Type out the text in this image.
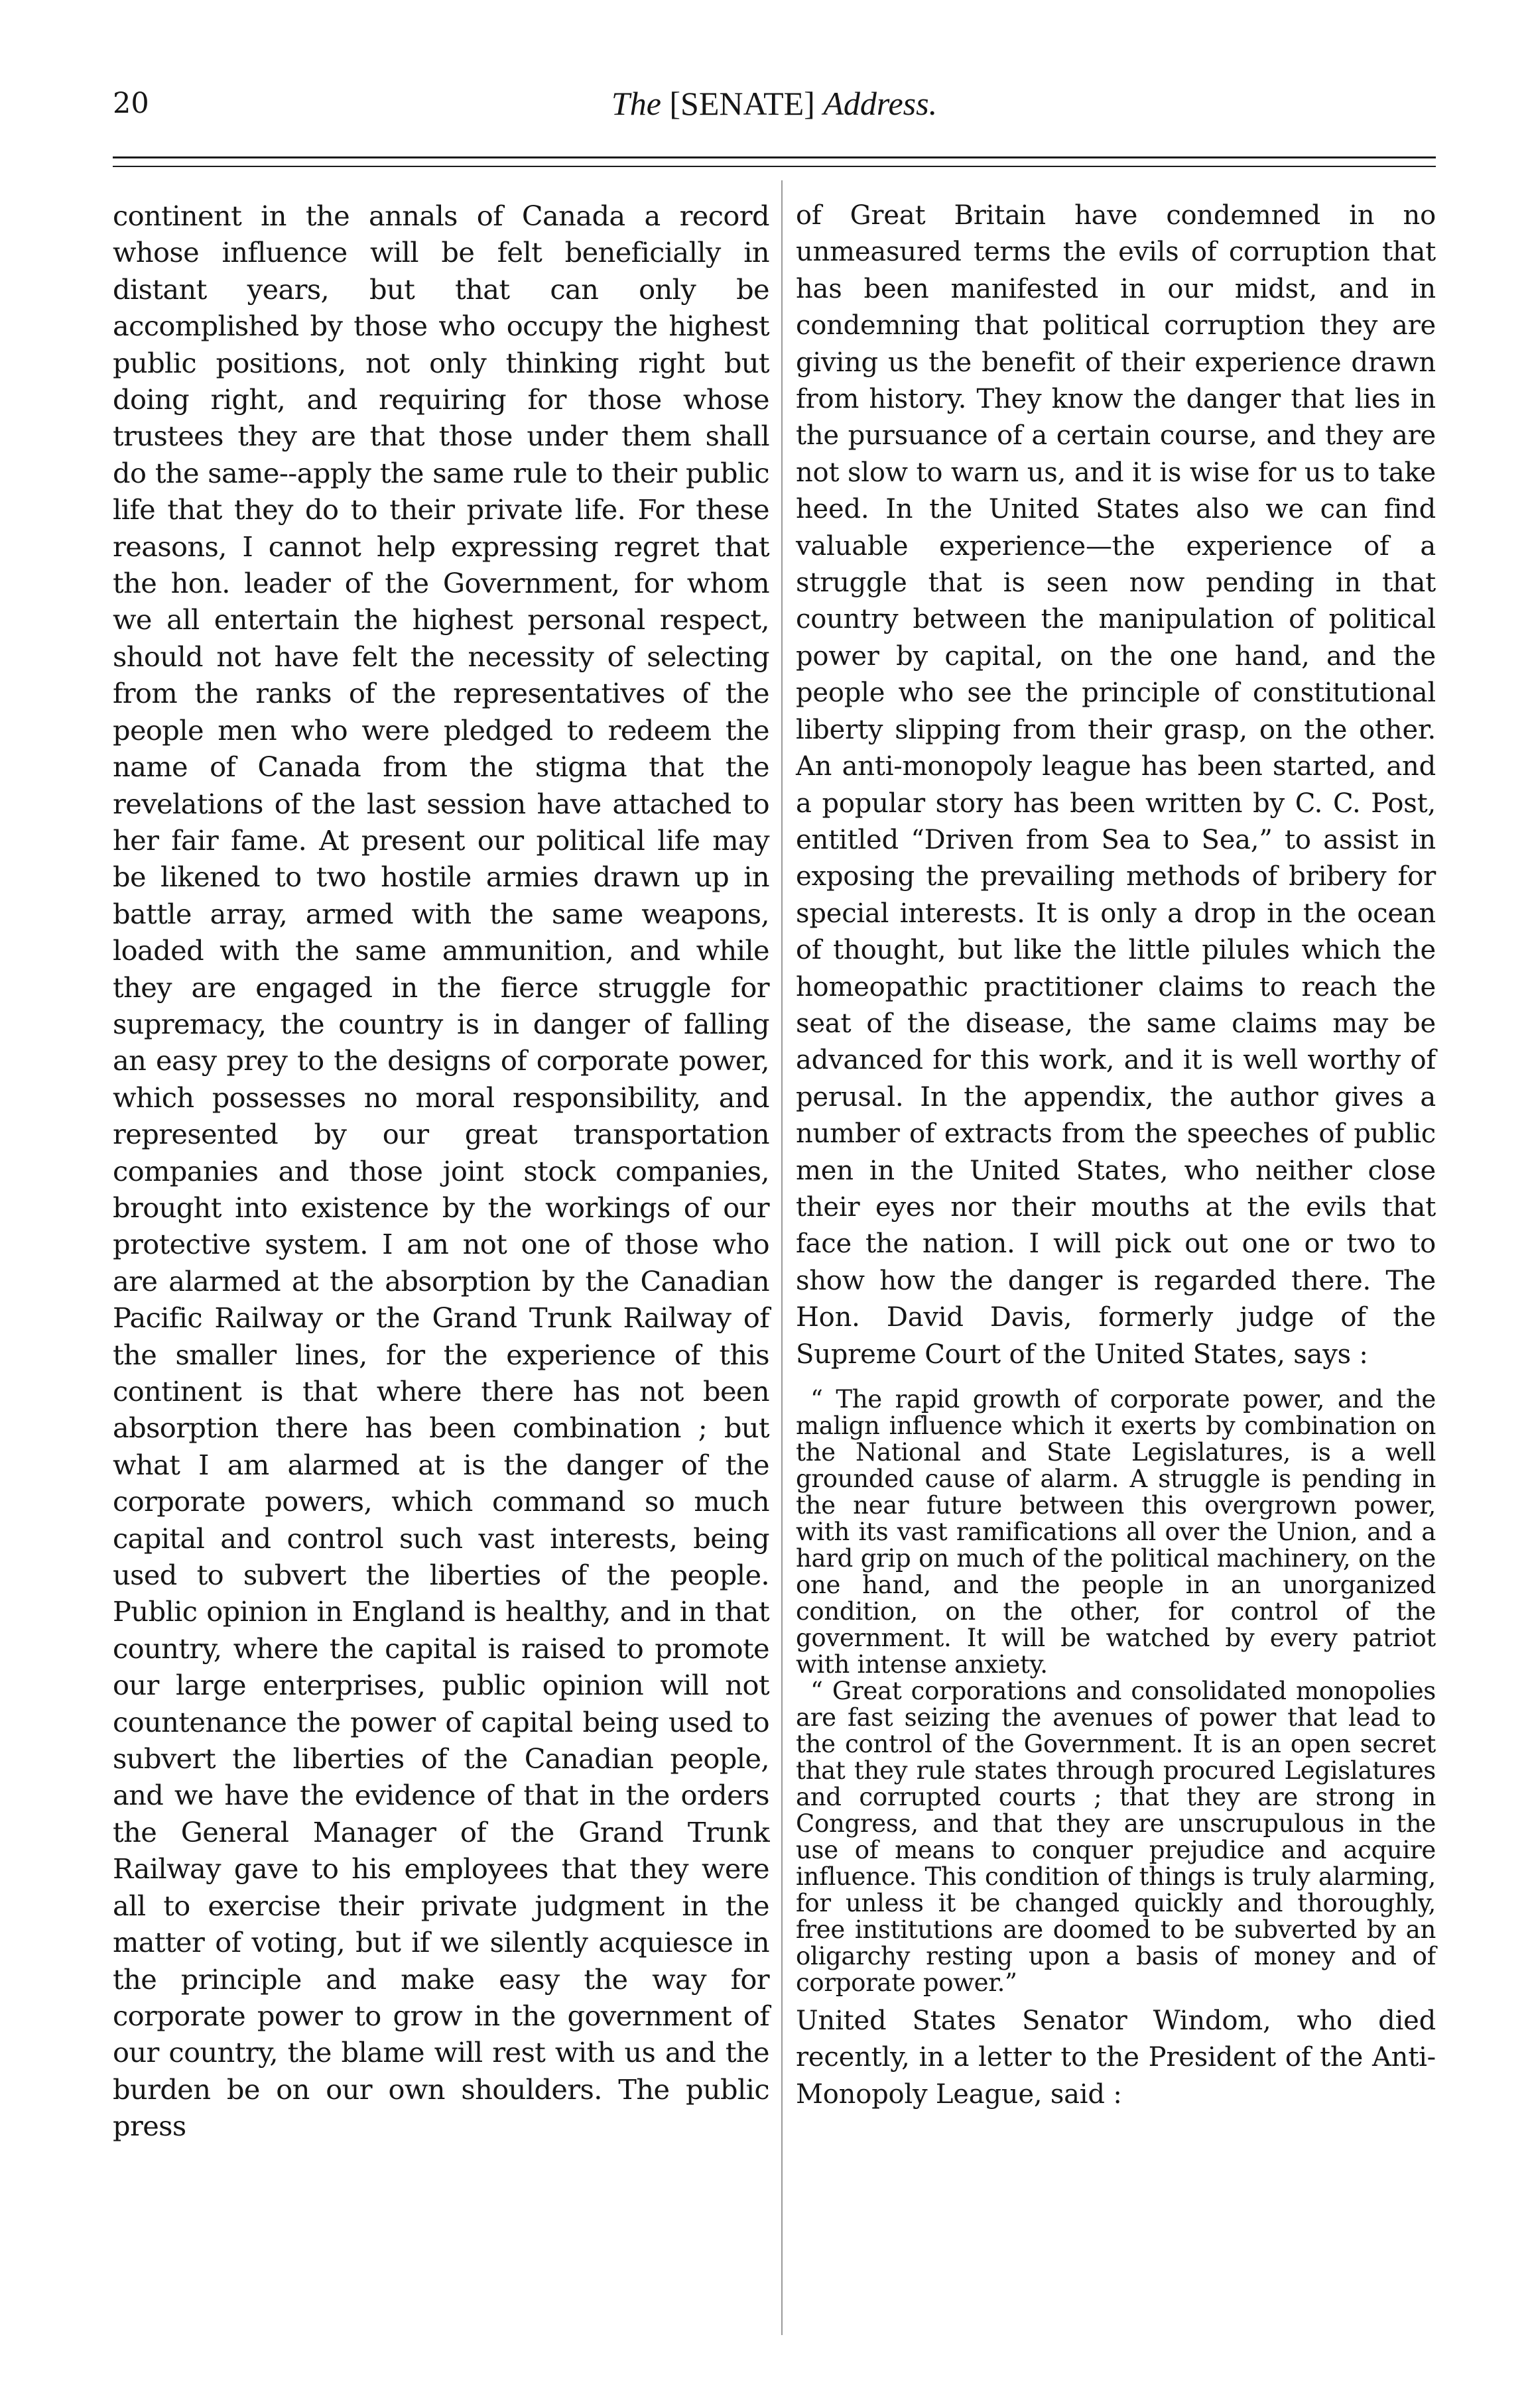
20	The [SENATE] Address.

continent in the annals of Canada a record whose influence will be felt beneficially in distant years, but that can only be accomplished by those who occupy the highest public positions, not only thinking right but doing right, and requiring for those whose trustees they are that those under them shall do the same--apply the same rule to their public life that they do to their private life. For these reasons, I cannot help expressing regret that the hon. leader of the Government, for whom we all entertain the highest personal respect, should not have felt the necessity of selecting from the ranks of the representatives of the people men who were pledged to redeem the name of Canada from the stigma that the revelations of the last session have attached to her fair fame. At present our political life may be likened to two hostile armies drawn up in battle array, armed with the same weapons, loaded with the same ammunition, and while they are engaged in the fierce struggle for supremacy, the country is in danger of falling an easy prey to the designs of corporate power, which possesses no moral responsibility, and represented by our great transportation companies and those joint stock companies, brought into existence by the workings of our protective system. I am not one of those who are alarmed at the absorption by the Canadian Pacific Railway or the Grand Trunk Railway of the smaller lines, for the experience of this continent is that where there has not been absorption there has been combination ; but what I am alarmed at is the danger of the corporate powers, which command so much capital and control such vast interests, being used to subvert the liberties of the people. Public opinion in England is healthy, and in that country, where the capital is raised to promote our large enterprises, public opinion will not countenance the power of capital being used to subvert the liberties of the Canadian people, and we have the evidence of that in the orders the General Manager of the Grand Trunk Railway gave to his employees that they were all to exercise their private judgment in the matter of voting, but if we silently acquiesce in the principle and make easy the way for corporate power to grow in the government of our country, the blame will rest with us and the burden be on our own shoulders. The public press

of Great Britain have condemned in no unmeasured terms the evils of corruption that has been manifested in our midst, and in condemning that political corruption they are giving us the benefit of their experience drawn from history. They know the danger that lies in the pursuance of a certain course, and they are not slow to warn us, and it is wise for us to take heed. In the United States also we can find valuable experience—the experience of a struggle that is seen now pending in that country between the manipulation of political power by capital, on the one hand, and the people who see the principle of constitutional liberty slipping from their grasp, on the other. An anti-monopoly league has been started, and a popular story has been written by C. C. Post, entitled “Driven from Sea to Sea,” to assist in exposing the prevailing methods of bribery for special interests. It is only a drop in the ocean of thought, but like the little pilules which the homeopathic practitioner claims to reach the seat of the disease, the same claims may be advanced for this work, and it is well worthy of perusal. In the appendix, the author gives a number of extracts from the speeches of public men in the United States, who neither close their eyes nor their mouths at the evils that face the nation. I will pick out one or two to show how the danger is regarded there. The Hon. David Davis, formerly judge of the Supreme Court of the United States, says :

“ The rapid growth of corporate power, and the malign influence which it exerts by combination on the National and State Legislatures, is a well grounded cause of alarm. A struggle is pending in the near future between this overgrown power, with its vast ramifications all over the Union, and a hard grip on much of the political machinery, on the one hand, and the people in an unorganized condition, on the other, for control of the government. It will be watched by every patriot with intense anxiety.

“ Great corporations and consolidated monopolies are fast seizing the avenues of power that lead to the control of the Government. It is an open secret that they rule states through procured Legislatures and corrupted courts ; that they are strong in Congress, and that they are unscrupulous in the use of means to conquer prejudice and acquire influence. This condition of things is truly alarming, for unless it be changed quickly and thoroughly, free institutions are doomed to be subverted by an oligarchy resting upon a basis of money and of corporate power.”

United States Senator Windom, who died recently, in a letter to the President of the Anti-Monopoly League, said :
